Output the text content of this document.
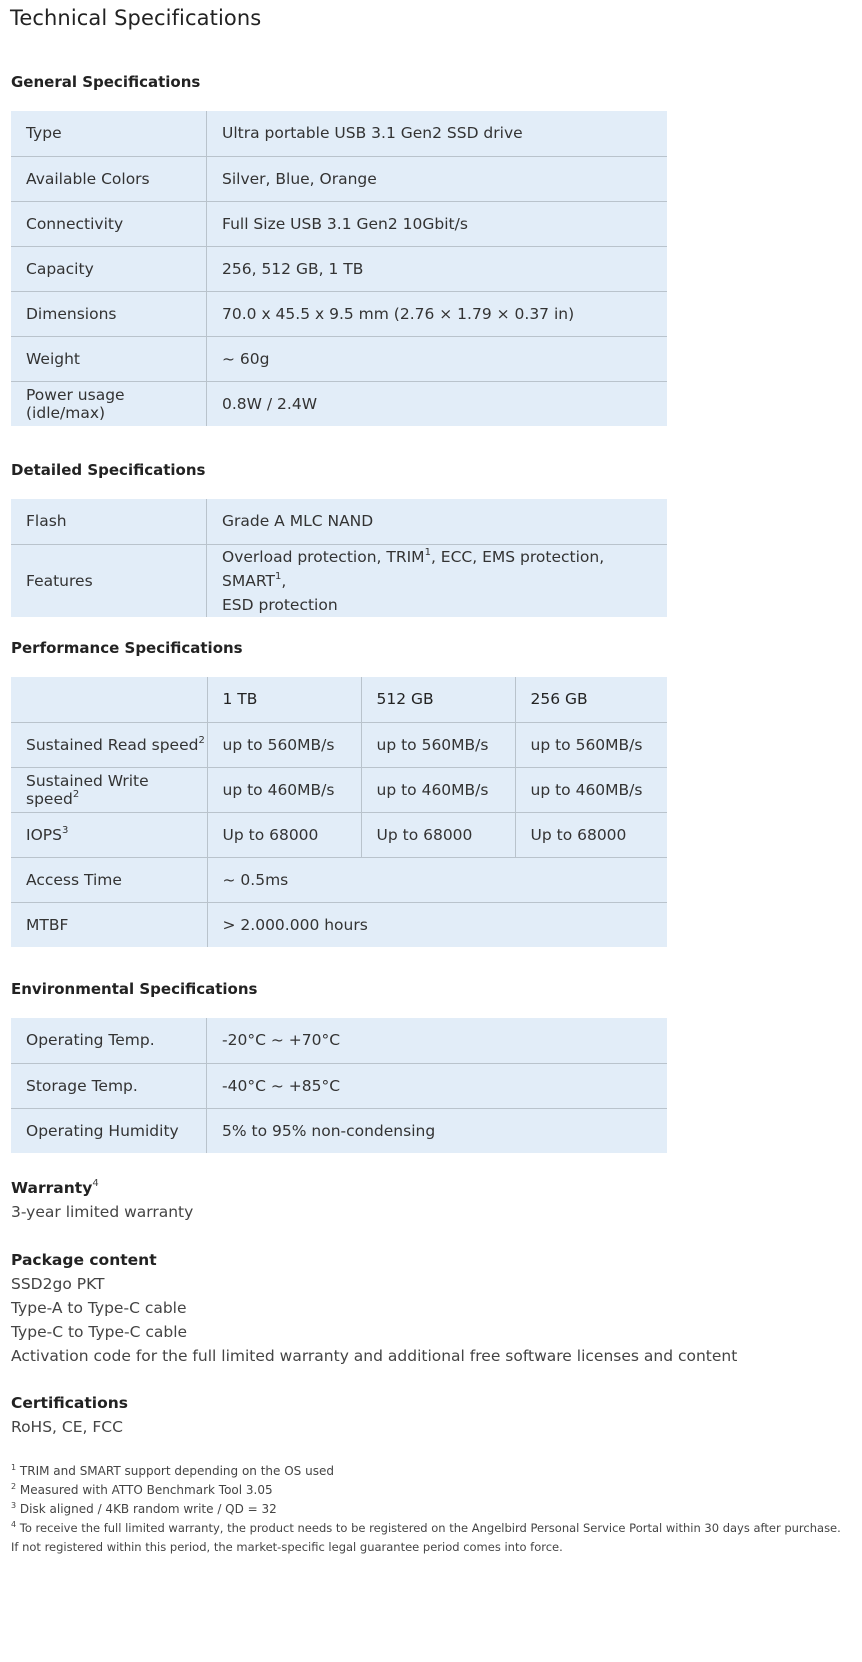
Technical Specifications
General Specifications
Type	Ultra portable USB 3.1 Gen2 SSD drive
Available Colors	Silver, Blue, Orange
Connectivity	Full Size USB 3.1 Gen2 10Gbit/s
Capacity	256, 512 GB, 1 TB
Dimensions	70.0 x 45.5 x 9.5 mm (2.76 × 1.79 × 0.37 in)
Weight	~ 60g
Power usage (idle/max)	0.8W / 2.4W
Detailed Specifications
Flash	Grade A MLC NAND
Features	Overload protection, TRIM$^1$, ECC, EMS protection, SMART$^1$,
ESD protection
Performance Specifications
	1 TB	512 GB	256 GB
Sustained Read speed$^2$	up to 560MB/s	up to 560MB/s	up to 560MB/s
Sustained Write speed$^2$	up to 460MB/s	up to 460MB/s	up to 460MB/s
IOPS$^3$	Up to 68000	Up to 68000	Up to 68000
Access Time	~ 0.5ms		
MTBF	> 2.000.000 hours		
Environmental Specifications
Operating Temp.	-20°C ~ +70°C
Storage Temp.	-40°C ~ +85°C
Operating Humidity	5% to 95% non-condensing
Warranty$^4$
3-year limited warranty
Package content
SSD2go PKT
Type-A to Type-C cable
Type-C to Type-C cable
Activation code for the full limited warranty and additional free software licenses and content
Certifications
RoHS, CE, FCC
$^1$ TRIM and SMART support depending on the OS used
$^2$ Measured with ATTO Benchmark Tool 3.05
$^3$ Disk aligned / 4KB random write / QD = 32
$^4$ To receive the full limited warranty, the product needs to be registered on the Angelbird Personal Service Portal within 30 days after purchase.
If not registered within this period, the market-specific legal guarantee period comes into force.
